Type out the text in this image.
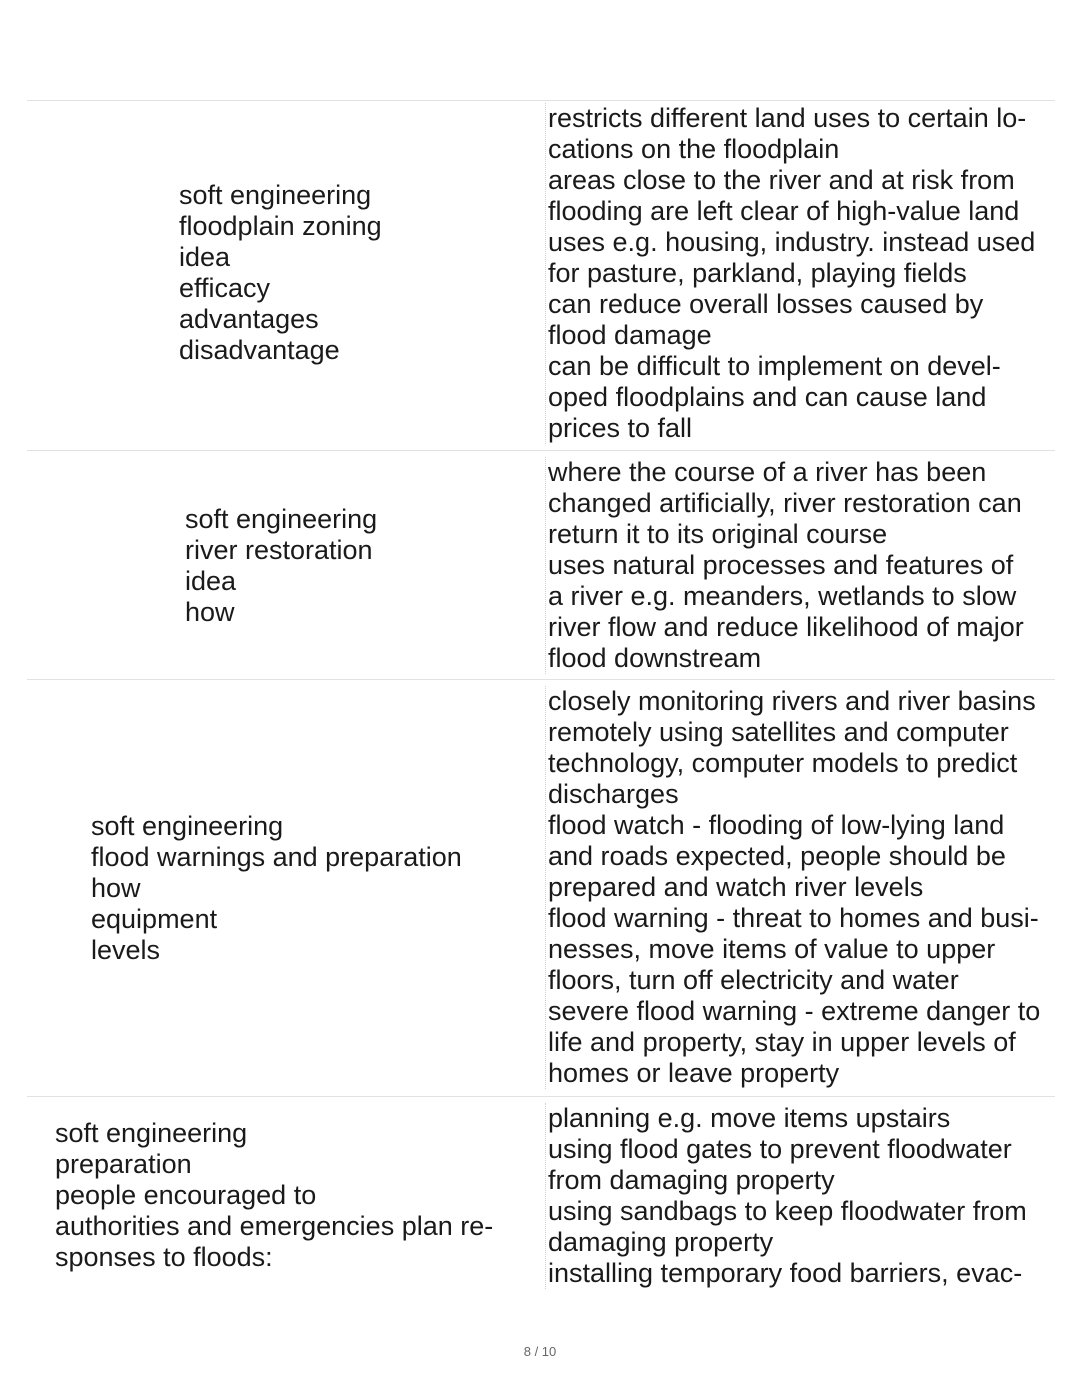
soft engineering
floodplain zoning
idea
efficacy
advantages
disadvantage
restricts different land uses to certain lo-
cations on the floodplain
areas close to the river and at risk from
flooding are left clear of high-value land
uses e.g. housing, industry. instead used
for pasture, parkland, playing fields
can reduce overall losses caused by
flood damage
can be difficult to implement on devel-
oped floodplains and can cause land
prices to fall
soft engineering
river restoration
idea
how
where the course of a river has been
changed artificially, river restoration can
return it to its original course
uses natural processes and features of
a river e.g. meanders, wetlands to slow
river flow and reduce likelihood of major
flood downstream
soft engineering
flood warnings and preparation
how
equipment
levels
closely monitoring rivers and river basins
remotely using satellites and computer
technology, computer models to predict
discharges
flood watch - flooding of low-lying land
and roads expected, people should be
prepared and watch river levels
flood warning - threat to homes and busi-
nesses, move items of value to upper
floors, turn off electricity and water
severe flood warning - extreme danger to
life and property, stay in upper levels of
homes or leave property
soft engineering
preparation
people encouraged to
authorities and emergencies plan re-
sponses to floods:
planning e.g. move items upstairs
using flood gates to prevent floodwater
from damaging property
using sandbags to keep floodwater from
damaging property
installing temporary food barriers, evac-
8 / 10
